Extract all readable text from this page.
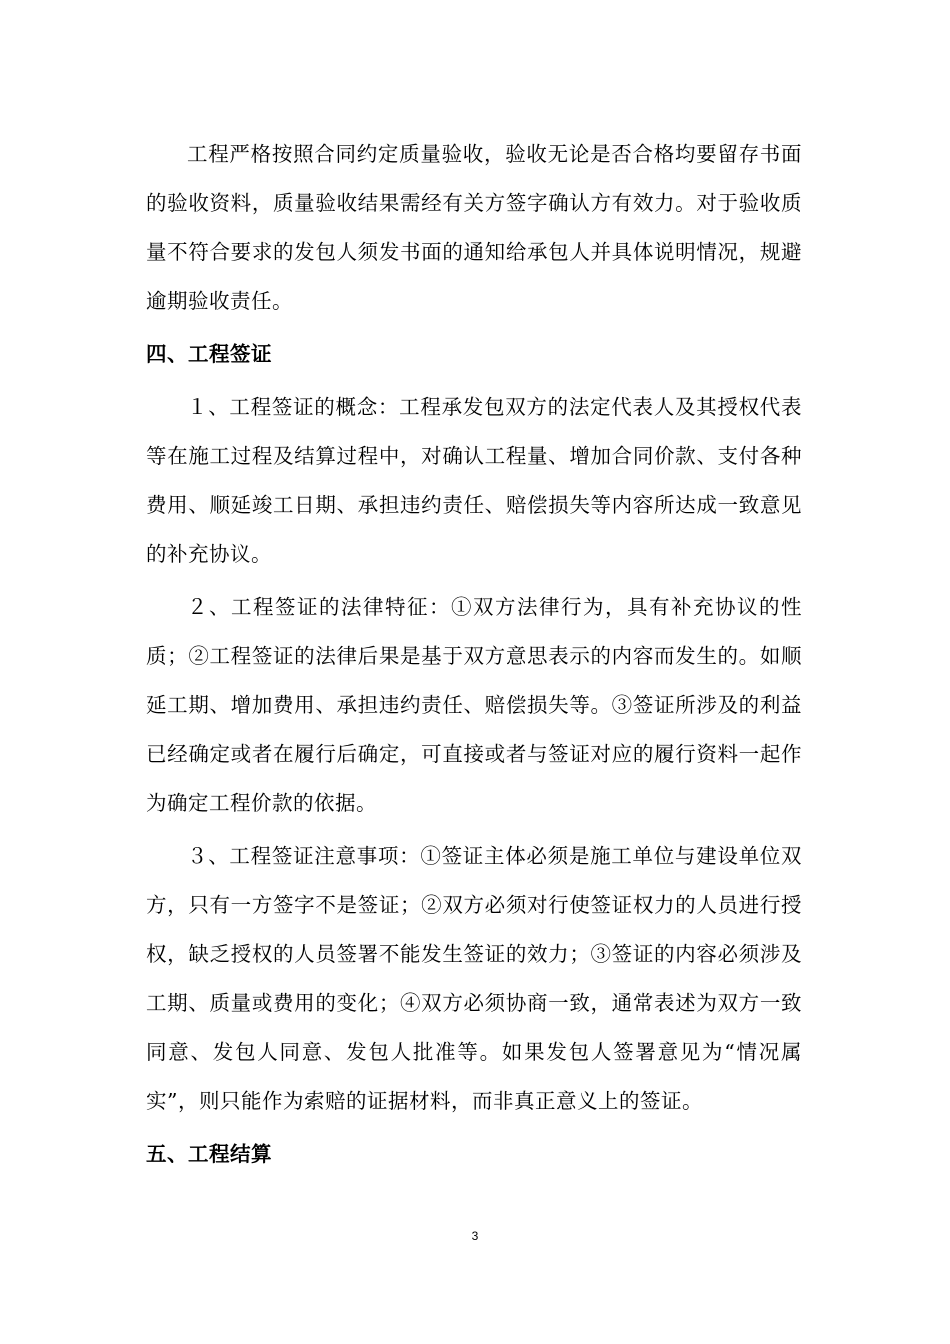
工程严格按照合同约定质量验收，验收无论是否合格均要留存书面的验收资料，质量验收结果需经有关方签字确认方有效力。对于验收质量不符合要求的发包人须发书面的通知给承包人并具体说明情况，规避逾期验收责任。

四、工程签证

１、工程签证的概念：工程承发包双方的法定代表人及其授权代表等在施工过程及结算过程中，对确认工程量、增加合同价款、支付各种费用、顺延竣工日期、承担违约责任、赔偿损失等内容所达成一致意见的补充协议。

２、工程签证的法律特征：①双方法律行为，具有补充协议的性质；②工程签证的法律后果是基于双方意思表示的内容而发生的。如顺延工期、增加费用、承担违约责任、赔偿损失等。③签证所涉及的利益已经确定或者在履行后确定，可直接或者与签证对应的履行资料一起作为确定工程价款的依据。

３、工程签证注意事项：①签证主体必须是施工单位与建设单位双方，只有一方签字不是签证；②双方必须对行使签证权力的人员进行授权，缺乏授权的人员签署不能发生签证的效力；③签证的内容必须涉及工期、质量或费用的变化；④双方必须协商一致，通常表述为双方一致同意、发包人同意、发包人批准等。如果发包人签署意见为“情况属实”，则只能作为索赔的证据材料，而非真正意义上的签证。

五、工程结算

3
